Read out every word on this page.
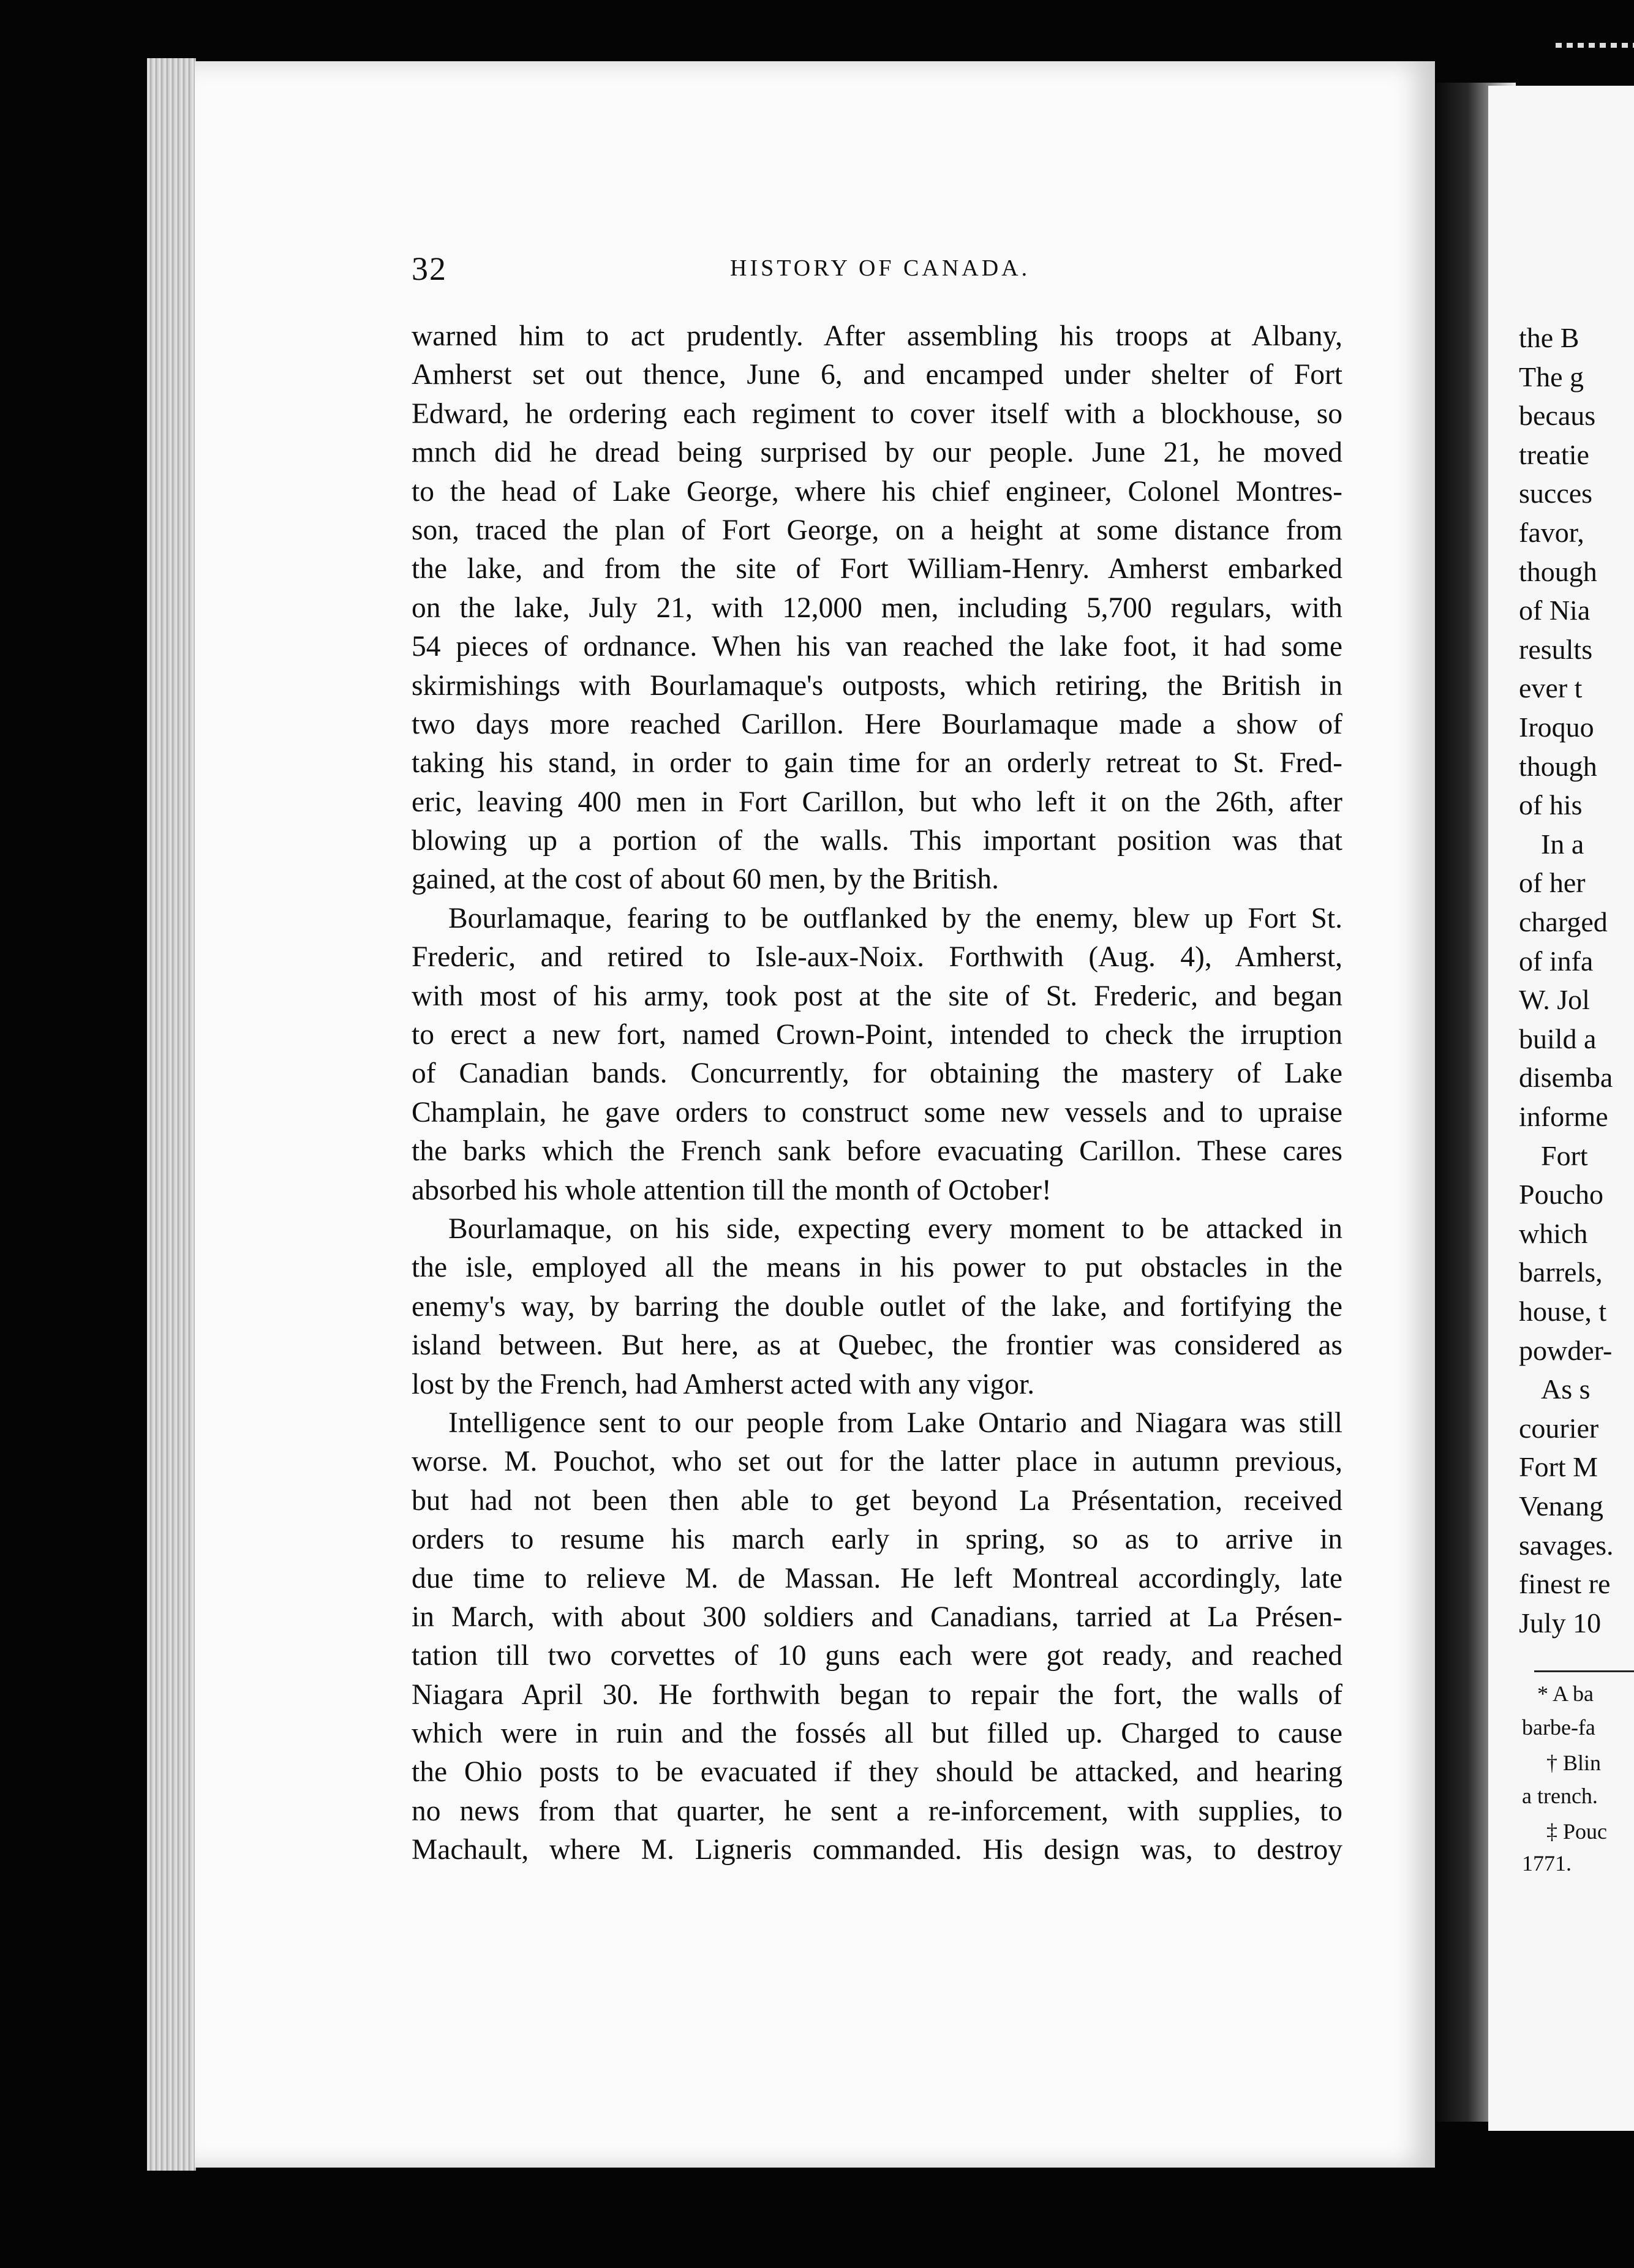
32	HISTORY OF CANADA.
warned him to act prudently. After assembling his troops at Albany,
Amherst set out thence, June 6, and encamped under shelter of Fort
Edward, he ordering each regiment to cover itself with a blockhouse, so
mnch did he dread being surprised by our people. June 21, he moved
to the head of Lake George, where his chief engineer, Colonel Montres-
son, traced the plan of Fort George, on a height at some distance from
the lake, and from the site of Fort William-Henry. Amherst embarked
on the lake, July 21, with 12,000 men, including 5,700 regulars, with
54 pieces of ordnance. When his van reached the lake foot, it had some
skirmishings with Bourlamaque's outposts, which retiring, the British in
two days more reached Carillon. Here Bourlamaque made a show of
taking his stand, in order to gain time for an orderly retreat to St. Fred-
eric, leaving 400 men in Fort Carillon, but who left it on the 26th, after
blowing up a portion of the walls. This important position was that
gained, at the cost of about 60 men, by the British.
Bourlamaque, fearing to be outflanked by the enemy, blew up Fort St.
Frederic, and retired to Isle-aux-Noix. Forthwith (Aug. 4), Amherst,
with most of his army, took post at the site of St. Frederic, and began
to erect a new fort, named Crown-Point, intended to check the irruption
of Canadian bands. Concurrently, for obtaining the mastery of Lake
Champlain, he gave orders to construct some new vessels and to upraise
the barks which the French sank before evacuating Carillon. These cares
absorbed his whole attention till the month of October!
Bourlamaque, on his side, expecting every moment to be attacked in
the isle, employed all the means in his power to put obstacles in the
enemy's way, by barring the double outlet of the lake, and fortifying the
island between. But here, as at Quebec, the frontier was considered as
lost by the French, had Amherst acted with any vigor.
Intelligence sent to our people from Lake Ontario and Niagara was still
worse. M. Pouchot, who set out for the latter place in autumn previous,
but had not been then able to get beyond La Présentation, received
orders to resume his march early in spring, so as to arrive in
due time to relieve M. de Massan. He left Montreal accordingly, late
in March, with about 300 soldiers and Canadians, tarried at La Présen-
tation till two corvettes of 10 guns each were got ready, and reached
Niagara April 30. He forthwith began to repair the fort, the walls of
which were in ruin and the fossés all but filled up. Charged to cause
the Ohio posts to be evacuated if they should be attacked, and hearing
no news from that quarter, he sent a re-inforcement, with supplies, to
Machault, where M. Ligneris commanded. His design was, to destroy
the B
The g
becaus
treatie
succes
favor,
though
of Nia
results
ever t
Iroquo
though
of his
In a
of her
charged
of infa
W. Jol
build a
disemba
informe
Fort
Poucho
which
barrels,
house, t
powder-
As s
courier
Fort M
Venang
savages.
finest re
July 10
* A ba
barbe-fa
† Blin
a trench.
‡ Pouc
1771.
